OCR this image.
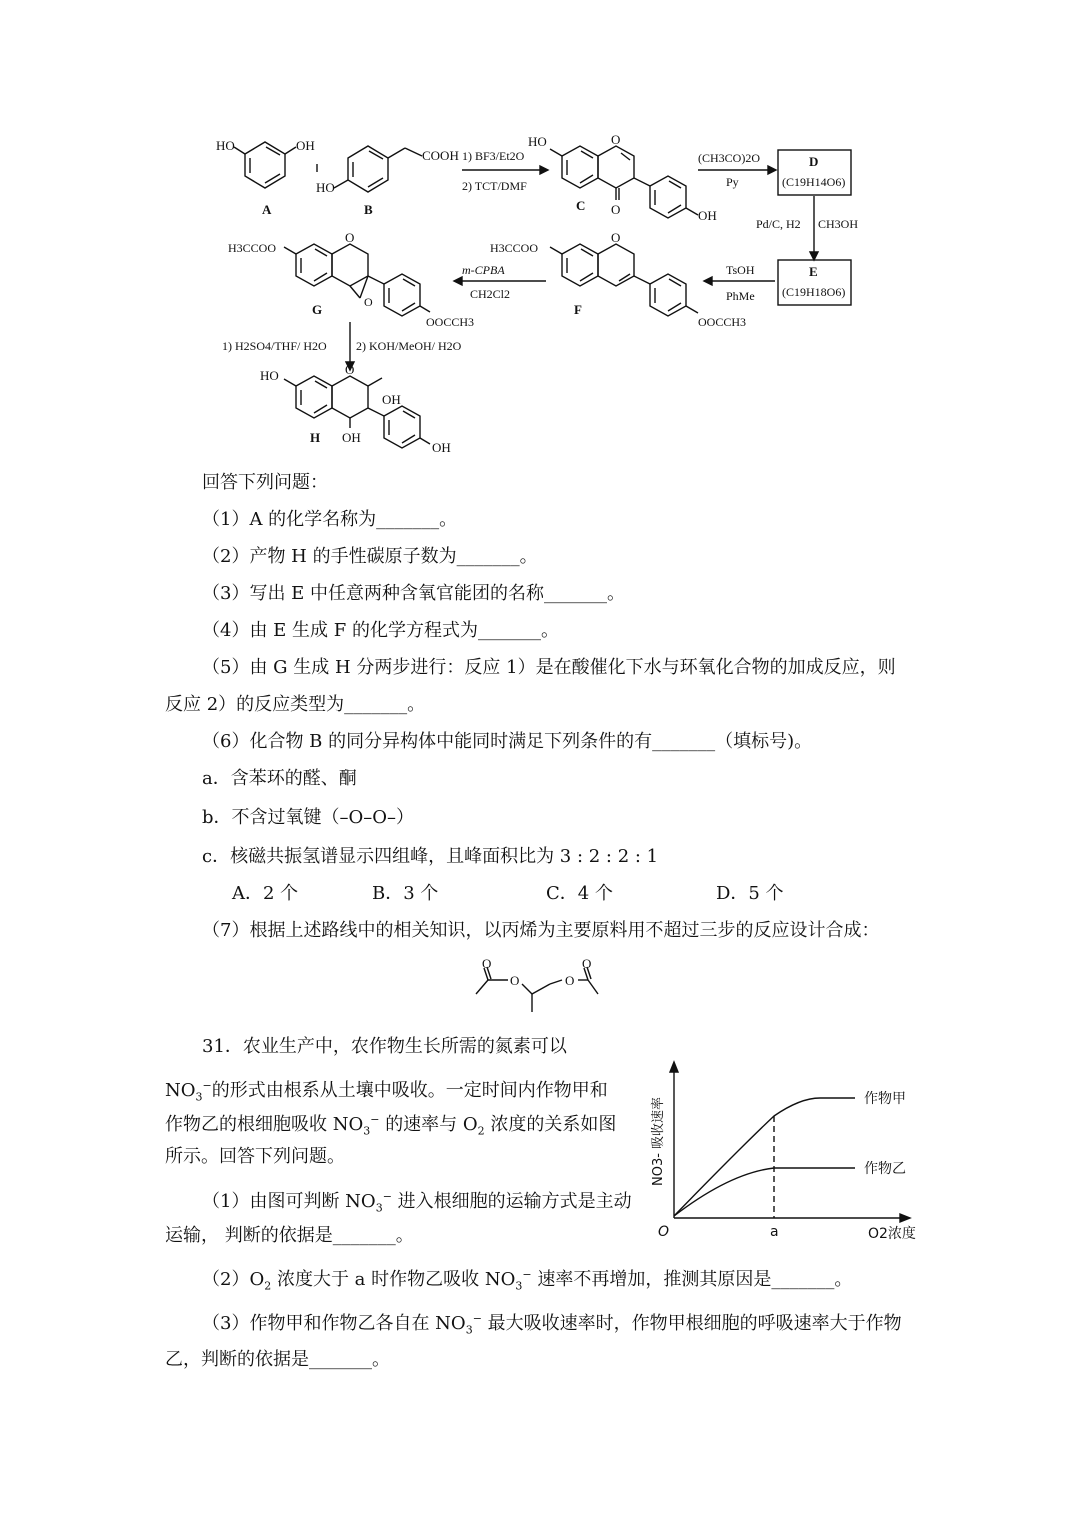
HO	OH
A
COOH
HO
B
1) BF3/Et2O
2) TCT/DMF
HO	O
O	OH
C
(CH3CO)2O
Py
D
(C19H14O6)
Pd/C, H2 CH3OH
E
(C19H18O6)
TsOH
PhMe
H3CCOO
O
OOCCH3
F
m-CPBA
CH2Cl2
H3CCOO
O
O
OOCCH3
G
1) H2SO4/THF/ H2O 2) KOH/MeOH/ H2O
HO	O
OH
OH
OH
H
回答下列问题：
（1）A 的化学名称为_______。
（2）产物 H 的手性碳原子数为_______。
（3）写出 E 中任意两种含氧官能团的名称_______。
（4）由 E 生成 F 的化学方程式为_______。
（5）由 G 生成 H 分两步进行：反应 1）是在酸催化下水与环氧化合物的加成反应，则
反应 2）的反应类型为_______。
（6）化合物 B 的同分异构体中能同时满足下列条件的有_______（填标号)。
a．含苯环的醛、酮
b．不含过氧键（–O–O–）
c．核磁共振氢谱显示四组峰，且峰面积比为 3 : 2 : 2 : 1
A．2 个	B．3 个	C．4 个	D．5 个
（7）根据上述路线中的相关知识，以丙烯为主要原料用不超过三步的反应设计合成：
O
O	O
O
31．农业生产中，农作物生长所需的氮素可以
$NO_3^-$的形式由根系从土壤中吸收。一定时间内作物甲和
作物乙的根细胞吸收 $NO_3^-$ 的速率与 $O_2$ 浓度的关系如图
所示。回答下列问题。
（1）由图可判断 $NO_3^-$ 进入根细胞的运输方式是主动
运输， 判断的依据是_______。
$(2)O_2$ 浓度大于 a 时作物乙吸收 $NO_3^-$ 速率不再增加，推测其原因是_______。
（3）作物甲和作物乙各自在 $NO_3^-$ 最大吸收速率时，作物甲根细胞的呼吸速率大于作物
乙，判断的依据是_______。
O	a	O2浓度
作物甲
作物乙
NO3- 吸收速率
